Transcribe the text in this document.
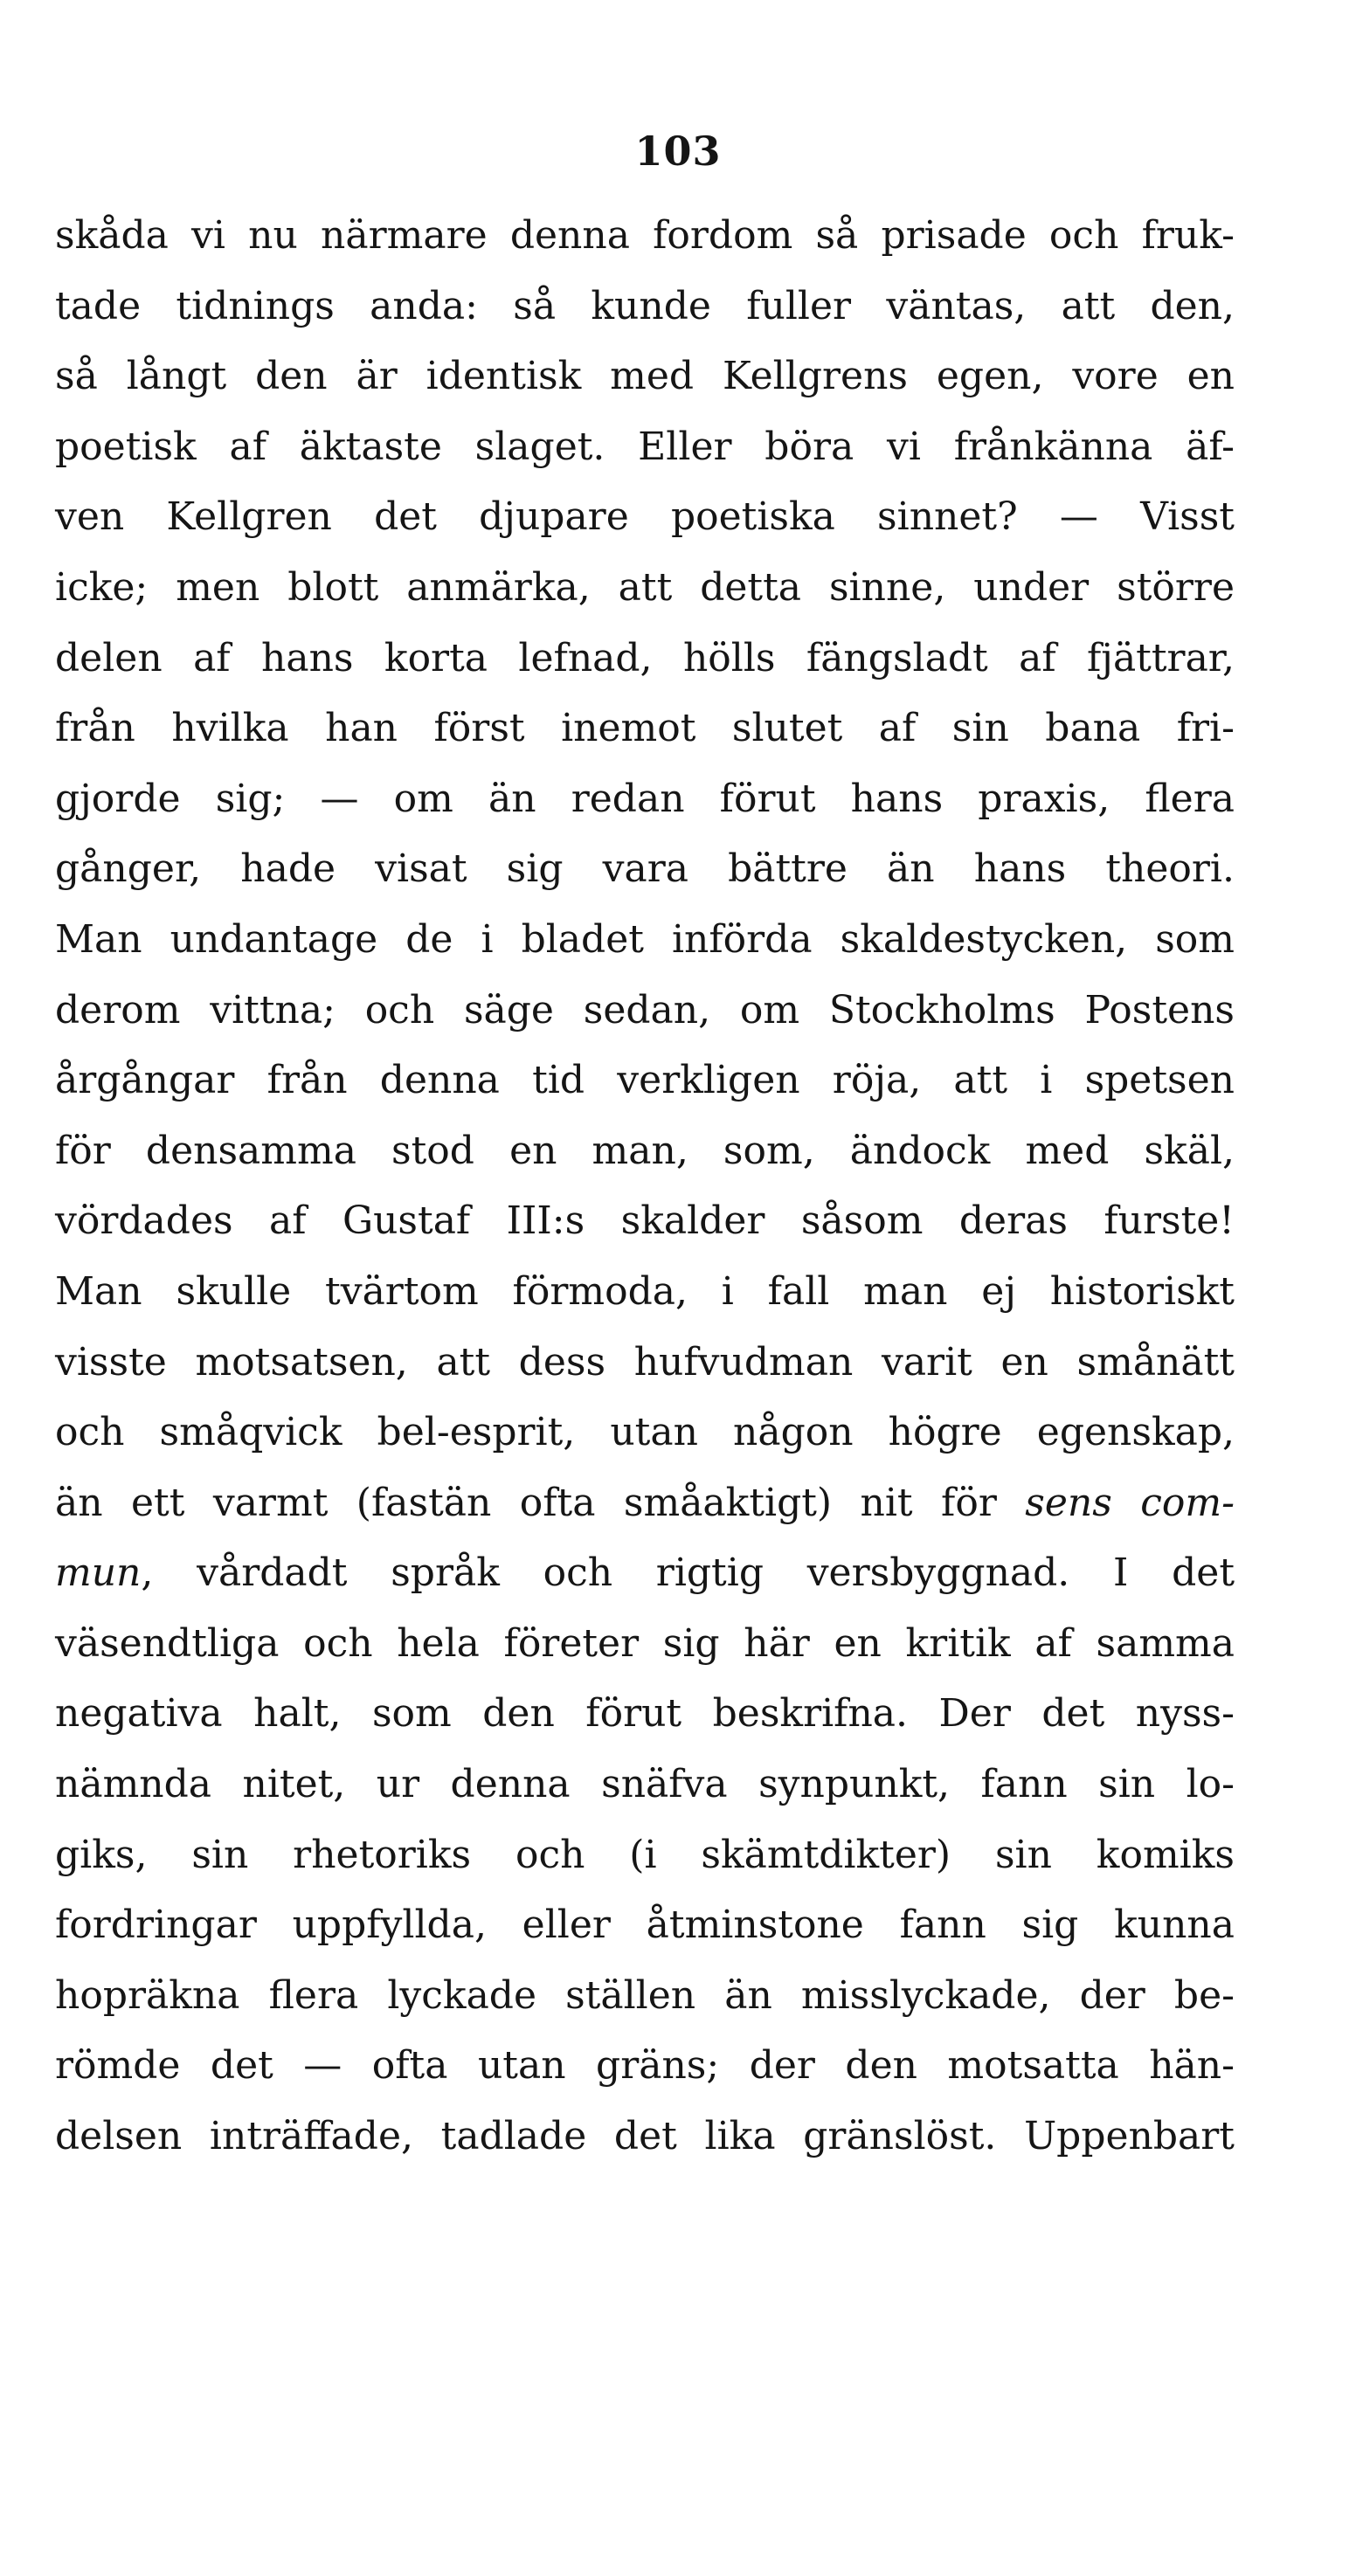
103
skåda vi nu närmare denna fordom så prisade och fruk-
tade tidnings anda: så kunde fuller väntas, att den,
så långt den är identisk med Kellgrens egen, vore en
poetisk af äktaste slaget. Eller böra vi frånkänna äf-
ven Kellgren det djupare poetiska sinnet? — Visst
icke; men blott anmärka, att detta sinne, under större
delen af hans korta lefnad, hölls fängsladt af fjättrar,
från hvilka han först inemot slutet af sin bana fri-
gjorde sig; — om än redan förut hans praxis, flera
gånger, hade visat sig vara bättre än hans theori.
Man undantage de i bladet införda skaldestycken, som
derom vittna; och säge sedan, om Stockholms Postens
årgångar från denna tid verkligen röja, att i spetsen
för densamma stod en man, som, ändock med skäl,
vördades af Gustaf III:s skalder såsom deras furste!
Man skulle tvärtom förmoda, i fall man ej historiskt
visste motsatsen, att dess hufvudman varit en smånätt
och småqvick bel-esprit, utan någon högre egenskap,
än ett varmt (fastän ofta småaktigt) nit för sens com-
mun, vårdadt språk och rigtig versbyggnad. I det
väsendtliga och hela företer sig här en kritik af samma
negativa halt, som den förut beskrifna. Der det nyss-
nämnda nitet, ur denna snäfva synpunkt, fann sin lo-
giks, sin rhetoriks och (i skämtdikter) sin komiks
fordringar uppfyllda, eller åtminstone fann sig kunna
hopräkna flera lyckade ställen än misslyckade, der be-
römde det — ofta utan gräns; der den motsatta hän-
delsen inträffade, tadlade det lika gränslöst. Uppenbart
